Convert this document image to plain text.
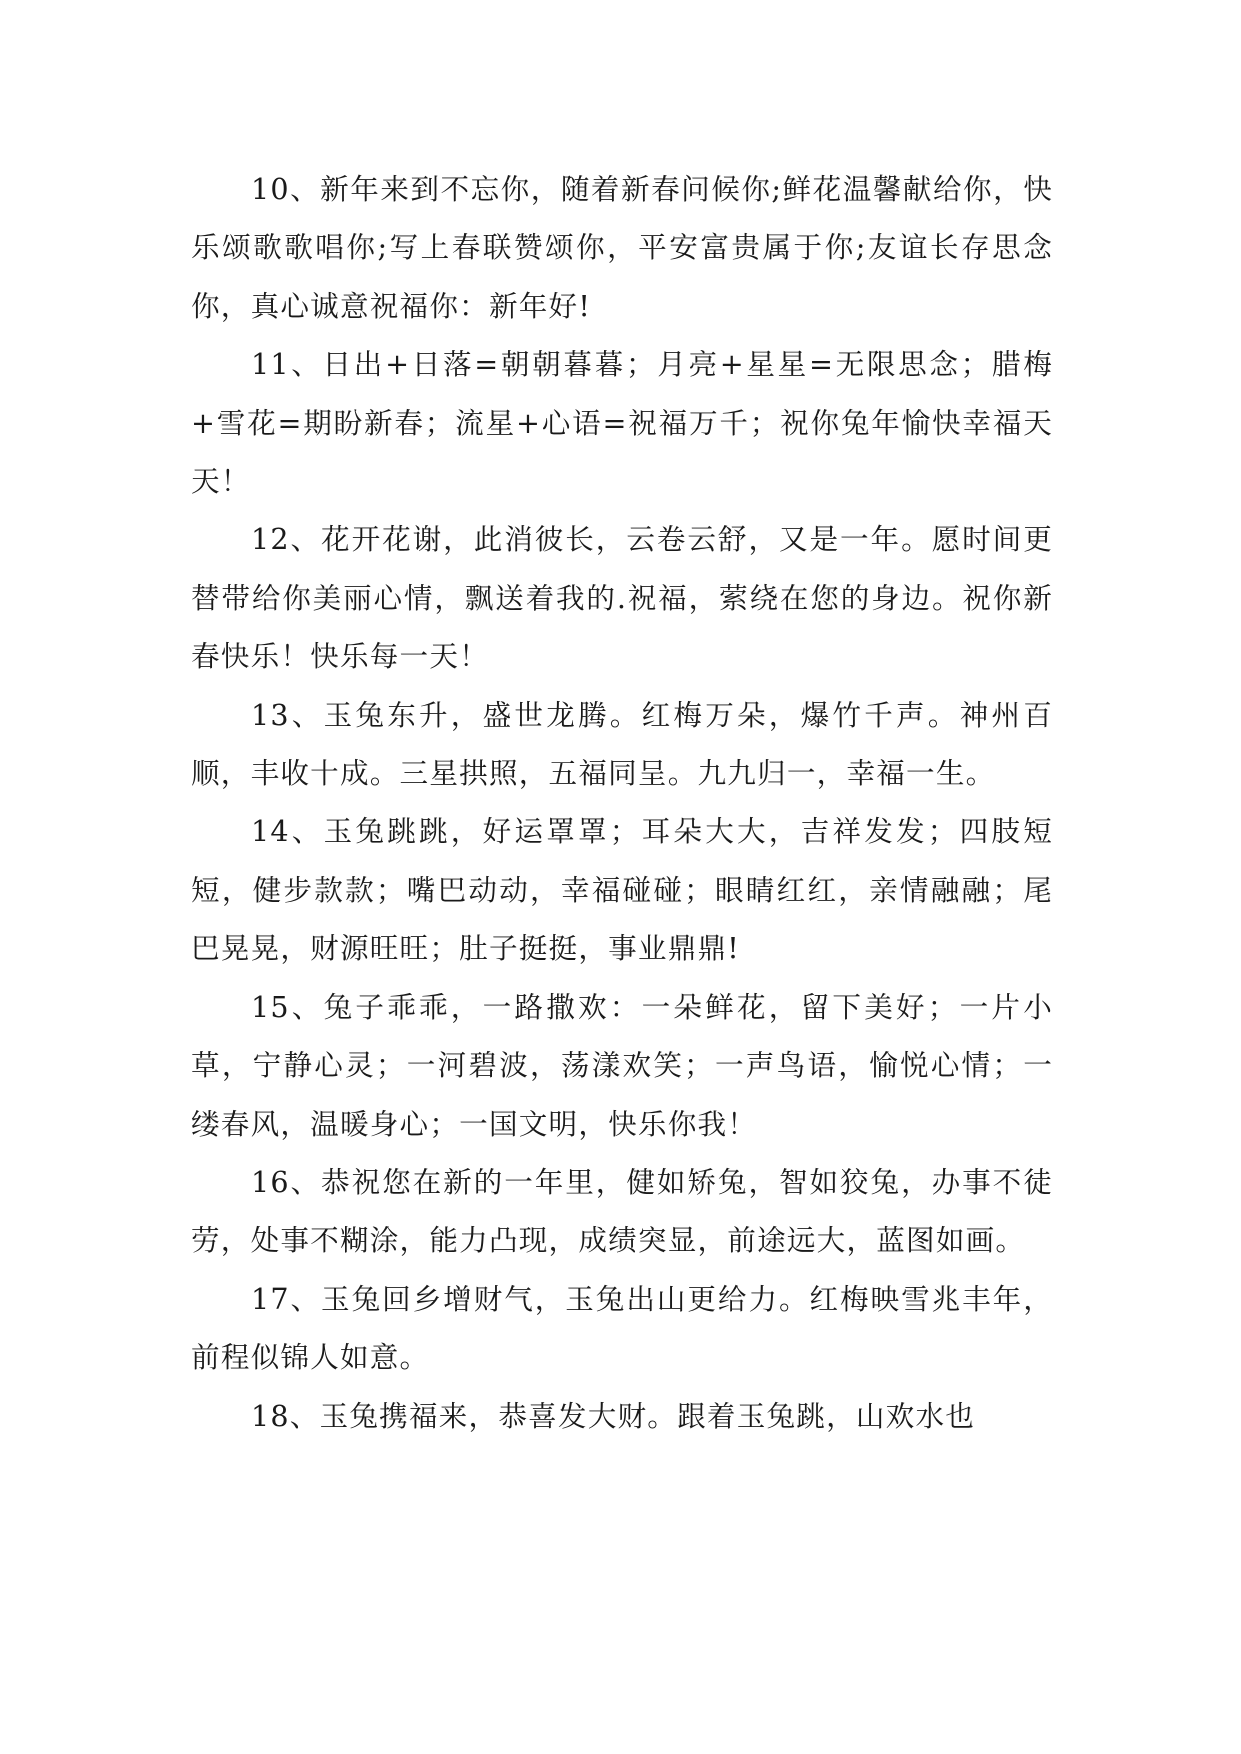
10、新年来到不忘你，随着新春问候你;鲜花温馨献给你，快乐颂歌歌唱你;写上春联赞颂你，平安富贵属于你;友谊长存思念你，真心诚意祝福你：新年好!

11、日出+日落=朝朝暮暮；月亮+星星=无限思念；腊梅+雪花=期盼新春；流星+心语=祝福万千；祝你兔年愉快幸福天天！

12、花开花谢，此消彼长，云卷云舒，又是一年。愿时间更替带给你美丽心情，飘送着我的.祝福，萦绕在您的身边。祝你新春快乐！快乐每一天！

13、玉兔东升，盛世龙腾。红梅万朵，爆竹千声。神州百顺，丰收十成。三星拱照，五福同呈。九九归一，幸福一生。

14、玉兔跳跳，好运罩罩；耳朵大大，吉祥发发；四肢短短，健步款款；嘴巴动动，幸福碰碰；眼睛红红，亲情融融；尾巴晃晃，财源旺旺；肚子挺挺，事业鼎鼎!

15、兔子乖乖，一路撒欢：一朵鲜花，留下美好；一片小草，宁静心灵；一河碧波，荡漾欢笑；一声鸟语，愉悦心情；一缕春风，温暖身心；一国文明，快乐你我！

16、恭祝您在新的一年里，健如矫兔，智如狡兔，办事不徒劳，处事不糊涂，能力凸现，成绩突显，前途远大，蓝图如画。

17、玉兔回乡增财气，玉兔出山更给力。红梅映雪兆丰年，前程似锦人如意。

18、玉兔携福来，恭喜发大财。跟着玉兔跳，山欢水也
